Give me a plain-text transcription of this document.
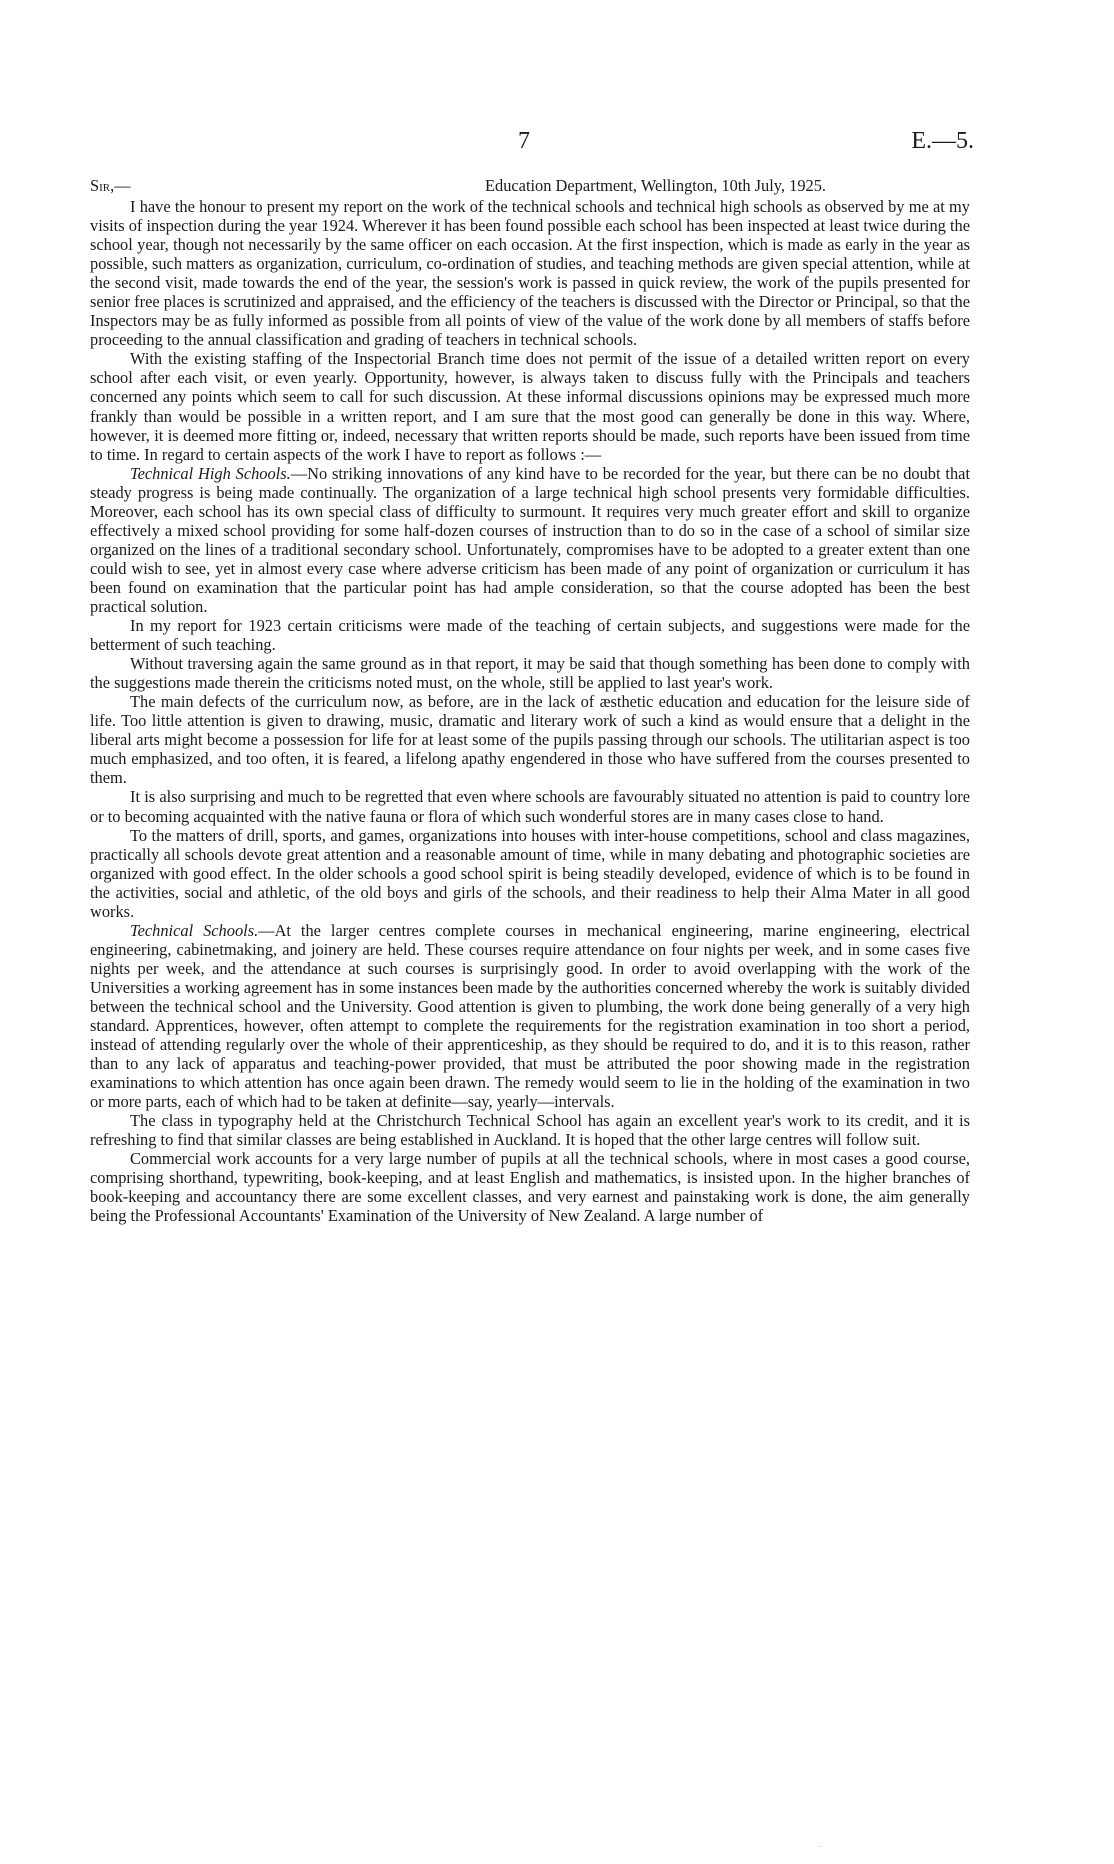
7	E.—5.
Sir,—	Education Department, Wellington, 10th July, 1925.

I have the honour to present my report on the work of the technical schools and technical high schools as observed by me at my visits of inspection during the year 1924. Wherever it has been found possible each school has been inspected at least twice during the school year, though not necessarily by the same officer on each occasion. At the first inspection, which is made as early in the year as possible, such matters as organization, curriculum, co-ordination of studies, and teaching methods are given special attention, while at the second visit, made towards the end of the year, the session's work is passed in quick review, the work of the pupils presented for senior free places is scrutinized and appraised, and the efficiency of the teachers is discussed with the Director or Principal, so that the Inspectors may be as fully informed as possible from all points of view of the value of the work done by all members of staffs before proceeding to the annual classification and grading of teachers in technical schools.

With the existing staffing of the Inspectorial Branch time does not permit of the issue of a detailed written report on every school after each visit, or even yearly. Opportunity, however, is always taken to discuss fully with the Principals and teachers concerned any points which seem to call for such discussion. At these informal discussions opinions may be expressed much more frankly than would be possible in a written report, and I am sure that the most good can generally be done in this way. Where, however, it is deemed more fitting or, indeed, necessary that written reports should be made, such reports have been issued from time to time. In regard to certain aspects of the work I have to report as follows :—

Technical High Schools.—No striking innovations of any kind have to be recorded for the year, but there can be no doubt that steady progress is being made continually. The organization of a large technical high school presents very formidable difficulties. Moreover, each school has its own special class of difficulty to surmount. It requires very much greater effort and skill to organize effectively a mixed school providing for some half-dozen courses of instruction than to do so in the case of a school of similar size organized on the lines of a traditional secondary school. Unfortunately, compromises have to be adopted to a greater extent than one could wish to see, yet in almost every case where adverse criticism has been made of any point of organization or curriculum it has been found on examination that the particular point has had ample consideration, so that the course adopted has been the best practical solution.

In my report for 1923 certain criticisms were made of the teaching of certain subjects, and suggestions were made for the betterment of such teaching.

Without traversing again the same ground as in that report, it may be said that though something has been done to comply with the suggestions made therein the criticisms noted must, on the whole, still be applied to last year's work.

The main defects of the curriculum now, as before, are in the lack of æsthetic education and education for the leisure side of life. Too little attention is given to drawing, music, dramatic and literary work of such a kind as would ensure that a delight in the liberal arts might become a possession for life for at least some of the pupils passing through our schools. The utilitarian aspect is too much emphasized, and too often, it is feared, a lifelong apathy engendered in those who have suffered from the courses presented to them.

It is also surprising and much to be regretted that even where schools are favourably situated no attention is paid to country lore or to becoming acquainted with the native fauna or flora of which such wonderful stores are in many cases close to hand.

To the matters of drill, sports, and games, organizations into houses with inter-house competitions, school and class magazines, practically all schools devote great attention and a reasonable amount of time, while in many debating and photographic societies are organized with good effect. In the older schools a good school spirit is being steadily developed, evidence of which is to be found in the activities, social and athletic, of the old boys and girls of the schools, and their readiness to help their Alma Mater in all good works.

Technical Schools.—At the larger centres complete courses in mechanical engineering, marine engineering, electrical engineering, cabinetmaking, and joinery are held. These courses require attendance on four nights per week, and in some cases five nights per week, and the attendance at such courses is surprisingly good. In order to avoid overlapping with the work of the Universities a working agreement has in some instances been made by the authorities concerned whereby the work is suitably divided between the technical school and the University. Good attention is given to plumbing, the work done being generally of a very high standard. Apprentices, however, often attempt to complete the requirements for the registration examination in too short a period, instead of attending regularly over the whole of their apprenticeship, as they should be required to do, and it is to this reason, rather than to any lack of apparatus and teaching-power provided, that must be attributed the poor showing made in the registration examinations to which attention has once again been drawn. The remedy would seem to lie in the holding of the examination in two or more parts, each of which had to be taken at definite—say, yearly—intervals.

The class in typography held at the Christchurch Technical School has again an excellent year's work to its credit, and it is refreshing to find that similar classes are being established in Auckland. It is hoped that the other large centres will follow suit.

Commercial work accounts for a very large number of pupils at all the technical schools, where in most cases a good course, comprising shorthand, typewriting, book-keeping, and at least English and mathematics, is insisted upon. In the higher branches of book-keeping and accountancy there are some excellent classes, and very earnest and painstaking work is done, the aim generally being the Professional Accountants' Examination of the University of New Zealand. A large number of

·
